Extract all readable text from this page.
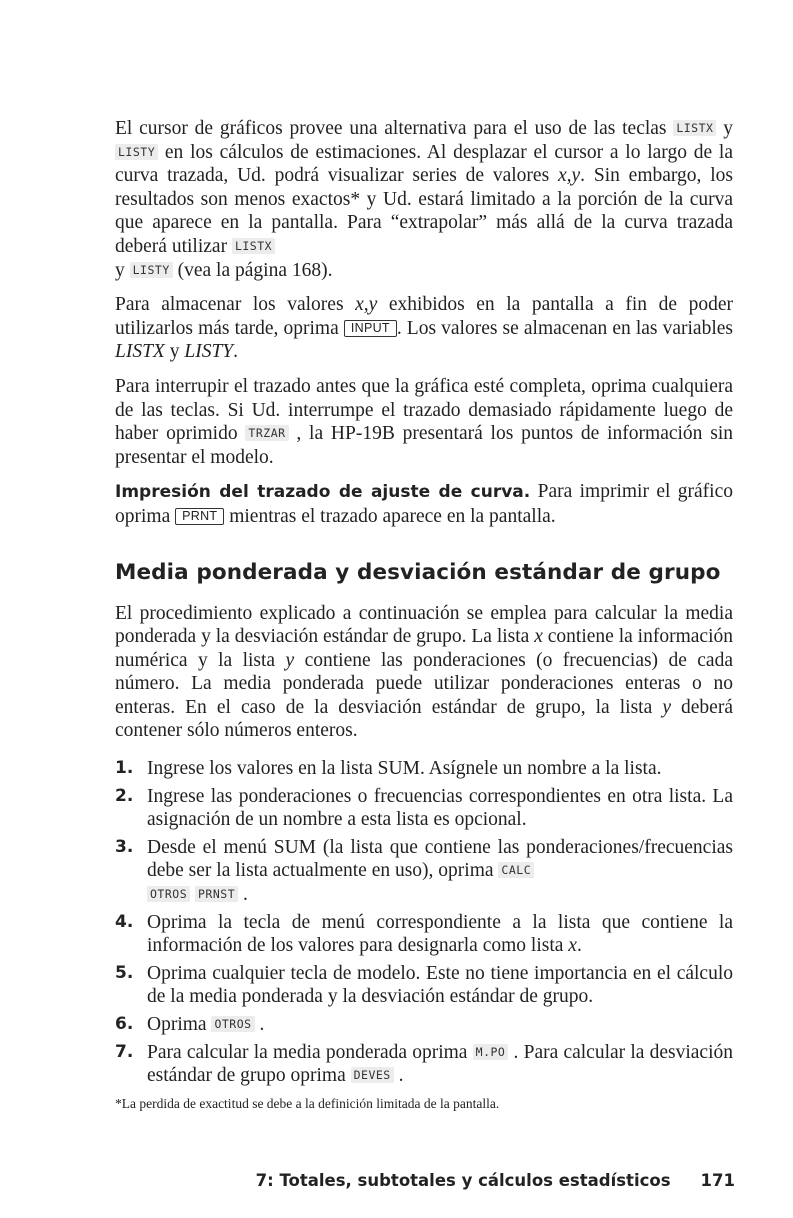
El cursor de gráficos provee una alternativa para el uso de las teclas LISTX y LISTY en los cálculos de estimaciones. Al desplazar el cursor a lo largo de la curva trazada, Ud. podrá visualizar series de valores x,y. Sin embargo, los resultados son menos exactos* y Ud. estará limitado a la porción de la curva que aparece en la pantalla. Para “extrapolar” más allá de la curva trazada deberá utilizar LISTX
y LISTY (vea la página 168).

Para almacenar los valores x,y exhibidos en la pantalla a fin de poder utilizarlos más tarde, oprima INPUT . Los valores se almacenan en las variables LISTX y LISTY.

Para interrupir el trazado antes que la gráfica esté completa, oprima cualquiera de las teclas. Si Ud. interrumpe el trazado demasiado rápidamente luego de haber oprimido TRZAR , la HP-19B presentará los puntos de información sin presentar el modelo.

Impresión del trazado de ajuste de curva. Para imprimir el gráfico oprima PRNT mientras el trazado aparece en la pantalla.

Media ponderada y desviación estándar de grupo

El procedimiento explicado a continuación se emplea para calcular la media ponderada y la desviación estándar de grupo. La lista x contiene la información numérica y la lista y contiene las ponderaciones (o frecuencias) de cada número. La media ponderada puede utilizar ponderaciones enteras o no enteras. En el caso de la desviación estándar de grupo, la lista y deberá contener sólo números enteros.

1. Ingrese los valores en la lista SUM. Asígnele un nombre a la lista.
2. Ingrese las ponderaciones o frecuencias correspondientes en otra lista. La asignación de un nombre a esta lista es opcional.
3. Desde el menú SUM (la lista que contiene las ponderaciones/frecuencias debe ser la lista actualmente en uso), oprima CALC
OTROS PRNST .
4. Oprima la tecla de menú correspondiente a la lista que contiene la información de los valores para designarla como lista x.
5. Oprima cualquier tecla de modelo. Este no tiene importancia en el cálculo de la media ponderada y la desviación estándar de grupo.
6. Oprima OTROS .
7. Para calcular la media ponderada oprima M.PO . Para calcular la desviación estándar de grupo oprima DEVES .

*La perdida de exactitud se debe a la definición limitada de la pantalla.

7: Totales, subtotales y cálculos estadísticos 171
